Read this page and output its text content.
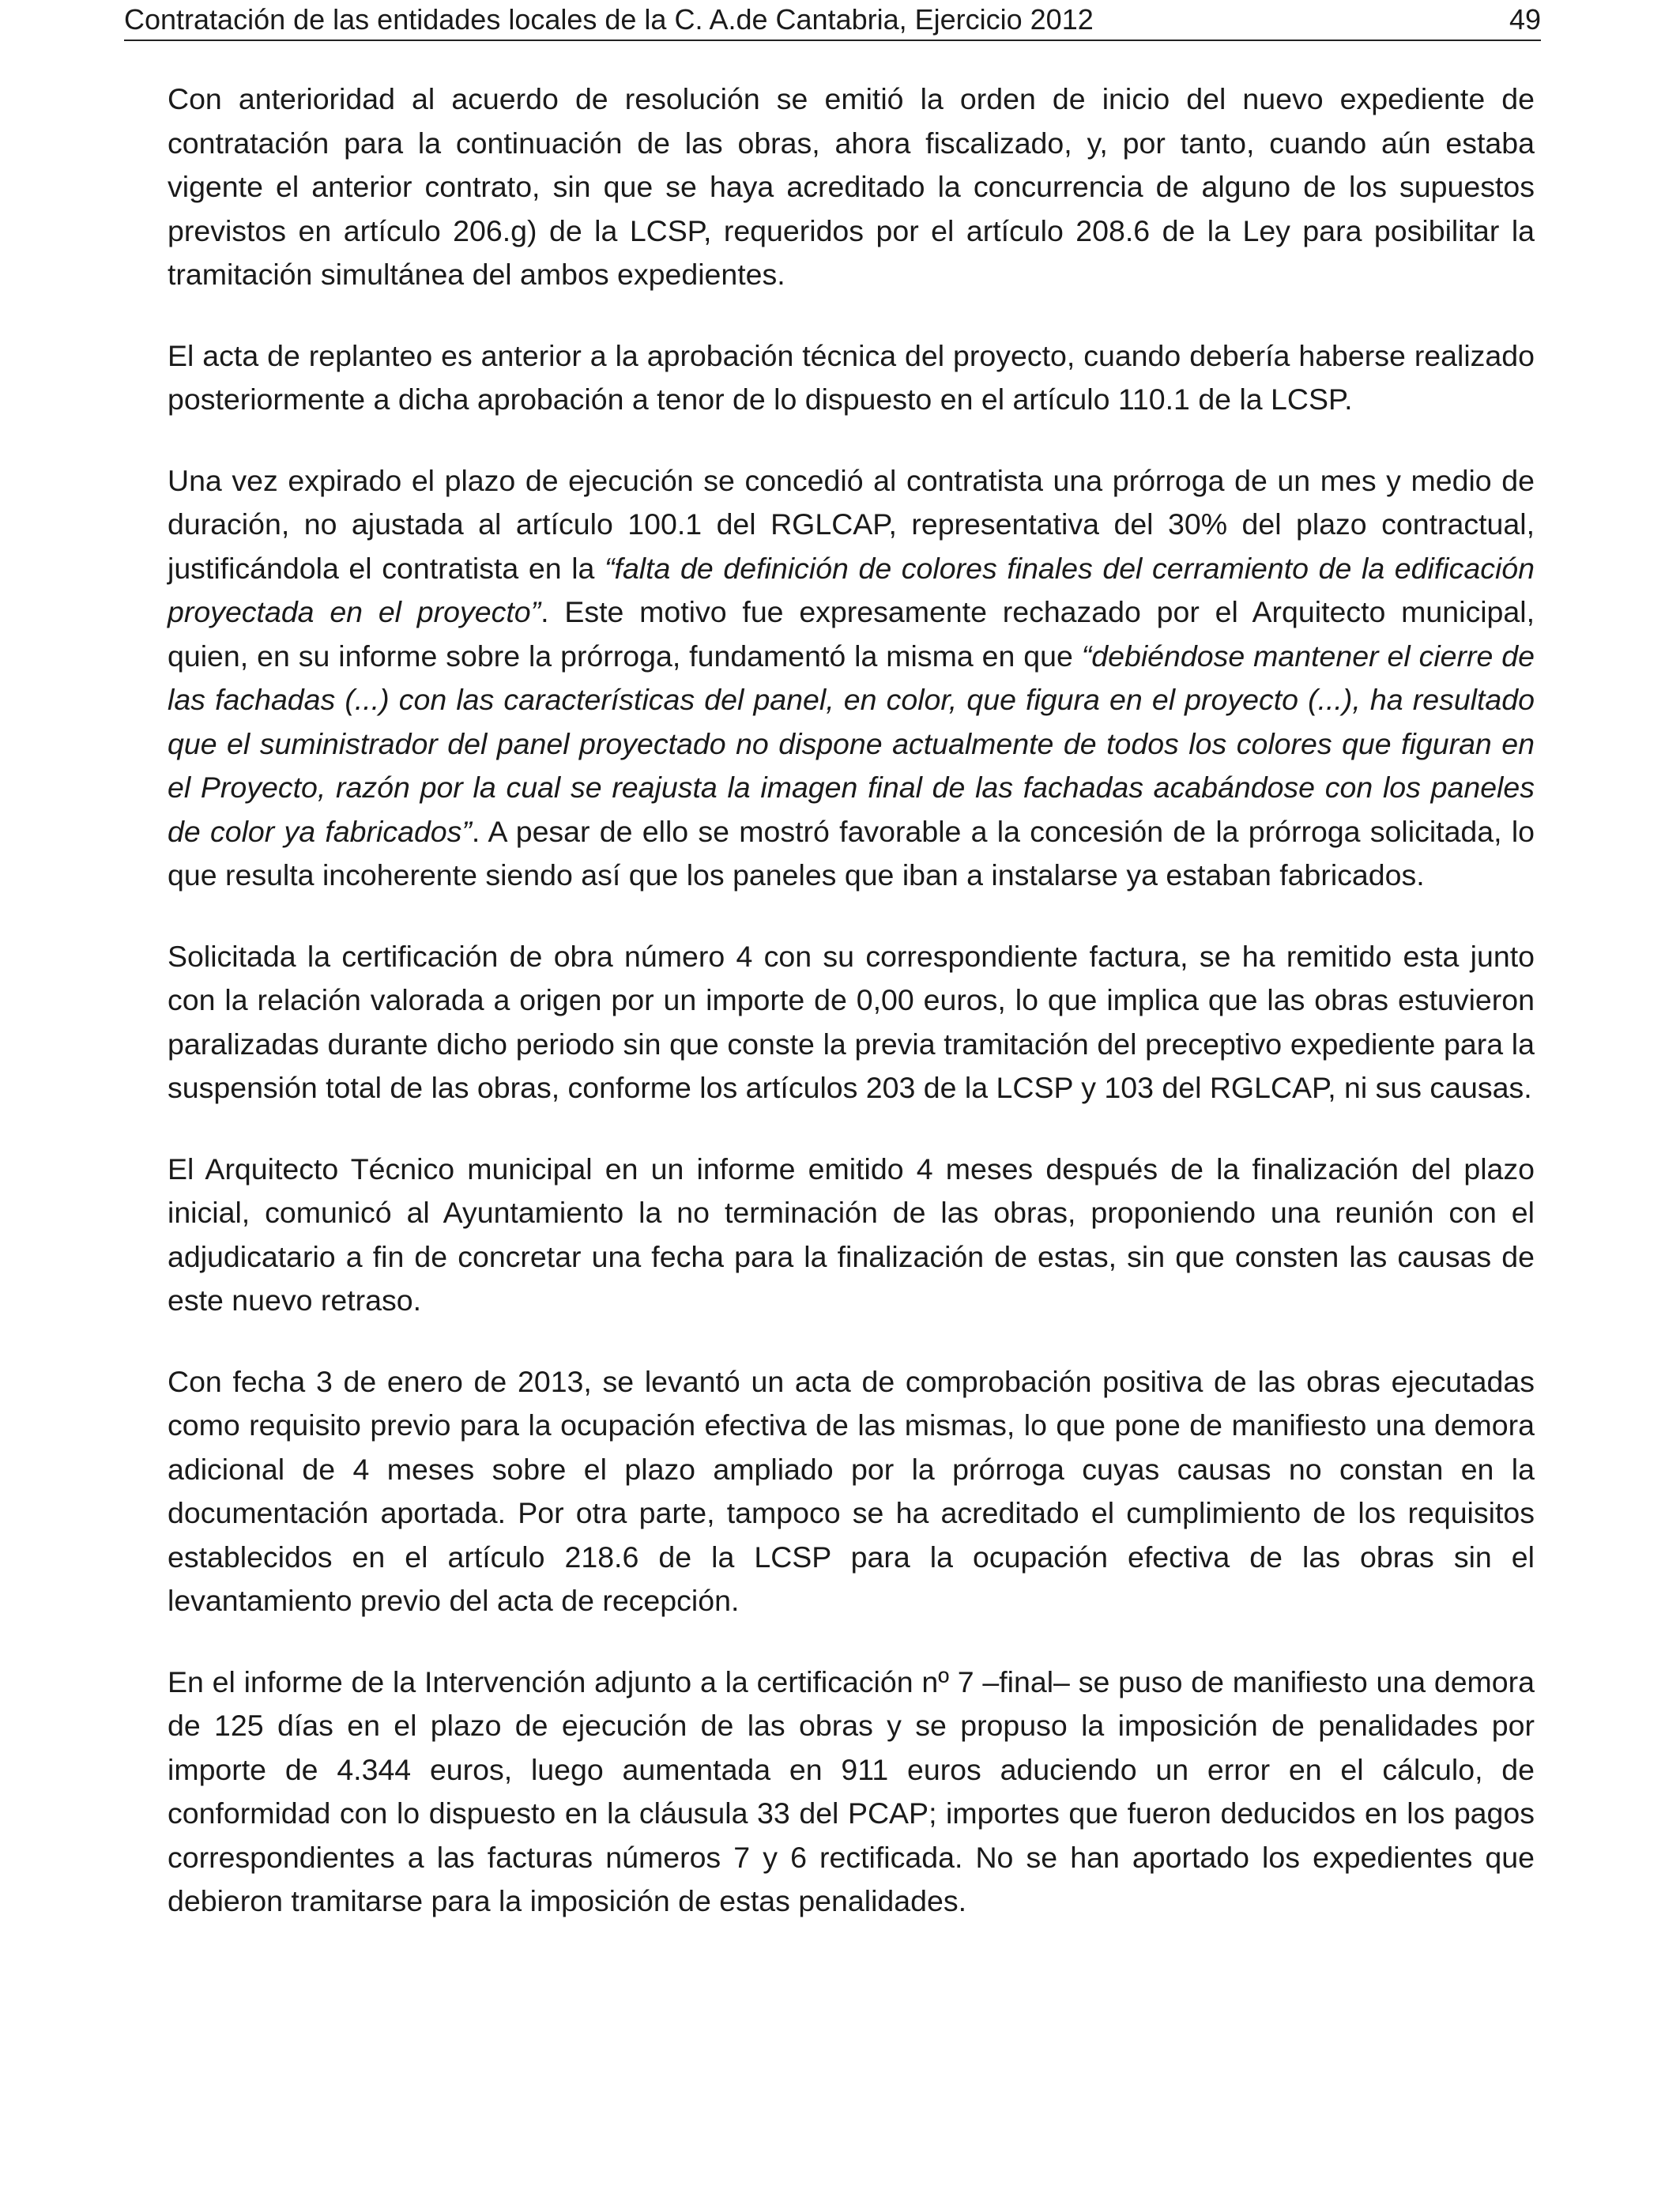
Contratación de las entidades locales de la C. A.de Cantabria, Ejercicio 2012	49

Con anterioridad al acuerdo de resolución se emitió la orden de inicio del nuevo expediente de contratación para la continuación de las obras, ahora fiscalizado, y, por tanto, cuando aún estaba vigente el anterior contrato, sin que se haya acreditado la concurrencia de alguno de los supuestos previstos en artículo 206.g) de la LCSP, requeridos por el artículo 208.6 de la Ley para posibilitar la tramitación simultánea del ambos expedientes.

El acta de replanteo es anterior a la aprobación técnica del proyecto, cuando debería haberse realizado posteriormente a dicha aprobación a tenor de lo dispuesto en el artículo 110.1 de la LCSP.

Una vez expirado el plazo de ejecución se concedió al contratista una prórroga de un mes y medio de duración, no ajustada al artículo 100.1 del RGLCAP, representativa del 30% del plazo contractual, justificándola el contratista en la “falta de definición de colores finales del cerramiento de la edificación proyectada en el proyecto”. Este motivo fue expresamente rechazado por el Arquitecto municipal, quien, en su informe sobre la prórroga, fundamentó la misma en que “debiéndose mantener el cierre de las fachadas (...) con las características del panel, en color, que figura en el proyecto (...), ha resultado que el suministrador del panel proyectado no dispone actualmente de todos los colores que figuran en el Proyecto, razón por la cual se reajusta la imagen final de las fachadas acabándose con los paneles de color ya fabricados”. A pesar de ello se mostró favorable a la concesión de la prórroga solicitada, lo que resulta incoherente siendo así que los paneles que iban a instalarse ya estaban fabricados.

Solicitada la certificación de obra número 4 con su correspondiente factura, se ha remitido esta junto con la relación valorada a origen por un importe de 0,00 euros, lo que implica que las obras estuvieron paralizadas durante dicho periodo sin que conste la previa tramitación del preceptivo expediente para la suspensión total de las obras, conforme los artículos 203 de la LCSP y 103 del RGLCAP, ni sus causas.

El Arquitecto Técnico municipal en un informe emitido 4 meses después de la finalización del plazo inicial, comunicó al Ayuntamiento la no terminación de las obras, proponiendo una reunión con el adjudicatario a fin de concretar una fecha para la finalización de estas, sin que consten las causas de este nuevo retraso.

Con fecha 3 de enero de 2013, se levantó un acta de comprobación positiva de las obras ejecutadas como requisito previo para la ocupación efectiva de las mismas, lo que pone de manifiesto una demora adicional de 4 meses sobre el plazo ampliado por la prórroga cuyas causas no constan en la documentación aportada. Por otra parte, tampoco se ha acreditado el cumplimiento de los requisitos establecidos en el artículo 218.6 de la LCSP para la ocupación efectiva de las obras sin el levantamiento previo del acta de recepción.

En el informe de la Intervención adjunto a la certificación nº 7 –final– se puso de manifiesto una demora de 125 días en el plazo de ejecución de las obras y se propuso la imposición de penalidades por importe de 4.344 euros, luego aumentada en 911 euros aduciendo un error en el cálculo, de conformidad con lo dispuesto en la cláusula 33 del PCAP; importes que fueron deducidos en los pagos correspondientes a las facturas números 7 y 6 rectificada. No se han aportado los expedientes que debieron tramitarse para la imposición de estas penalidades.
